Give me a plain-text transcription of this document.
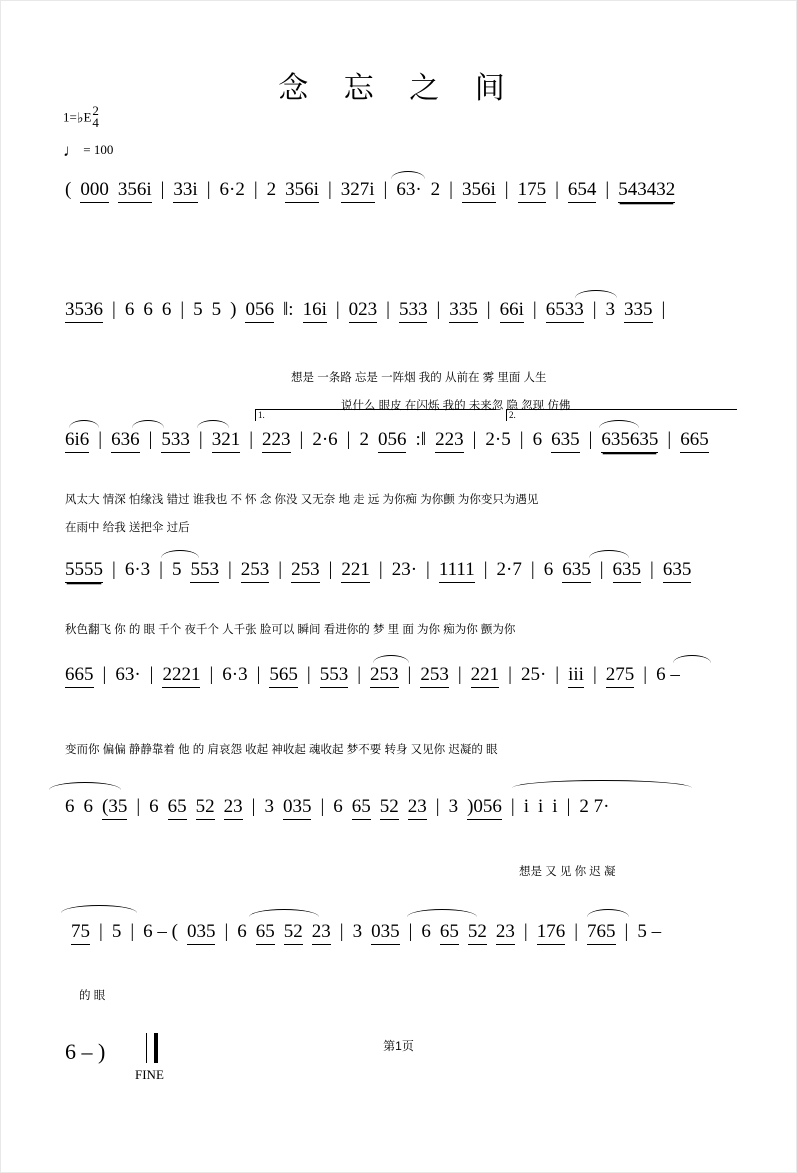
念 忘 之 间
1=♭E 2
4
♩ = 100
( 000 356i | 33i | 6·2 | 2 356i | 327i | 63· 2 | 356i | 175 | 654 | 543432
3536 | 6 6 6 | 5 5 ) 056 ‖: 16i | 023 | 533 | 335 | 66i | 6533 | 3 335 |
想是 一条路 忘是 一阵烟 我的 从前在 雾 里面 人生
说什么 眼皮 在闪烁 我的 未来忽 隐 忽现 仿佛
1.	2.
6i6 | 636 | 533 | 321 | 223 | 2·6 | 2 056 :‖ 223 | 2·5 | 6 635 | 635635 | 665
风太大 情深 怕缘浅 错过 谁我也 不 怀 念 你没 又无奈 地 走 远 为你痴 为你颤 为你变只为遇见
在雨中 给我 送把伞 过后
5555 | 6·3 | 5 553 | 253 | 253 | 221 | 23· | 1111 | 2·7 | 6 635 | 635 | 635
秋色翻飞 你 的 眼 千个 夜千个 人千张 脸可以 瞬间 看进你的 梦 里 面 为你 痴为你 颤为你
665 | 63· | 2221 | 6·3 | 565 | 553 | 253 | 253 | 221 | 25· | iii | 275 | 6 –
变而你 偏偏 静静靠着 他 的 肩哀怨 收起 神收起 魂收起 梦不要 转身 又见你 迟凝的 眼
6 6 (35 | 6 65 52 23 | 3 035 | 6 65 52 23 | 3 )056 | i i i | 2 7·
想是 又 见 你 迟 凝
75 | 5 | 6 – ( 035 | 6 65 52 23 | 3 035 | 6 65 52 23 | 176 | 765 | 5 –
的 眼
6 – )
FINE
第1页
